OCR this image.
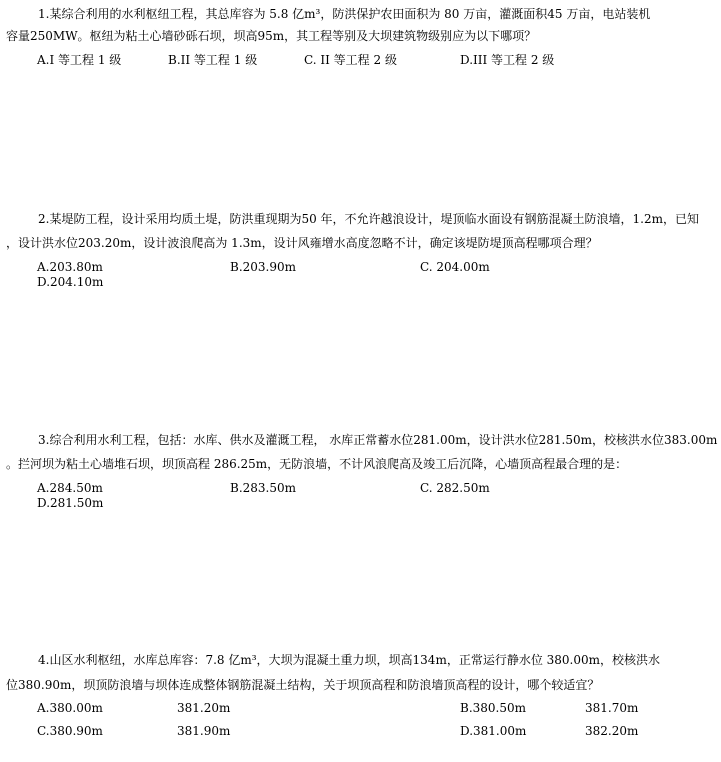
1.某综合利用的水利枢纽工程，其总库容为 5.8 亿m³，防洪保护农田面积为 80 万亩，灌溉面积45 万亩，电站装机
容量250MW。枢纽为粘土心墙砂砾石坝，坝高95m，其工程等别及大坝建筑物级别应为以下哪项？
A.I 等工程 1 级	B.II 等工程 1 级	C. II 等工程 2 级	D.III 等工程 2 级
2.某堤防工程，设计采用均质土堤，防洪重现期为50 年，不允许越浪设计，堤顶临水面设有钢筋混凝土防浪墙，1.2m，已知
，设计洪水位203.20m，设计波浪爬高为 1.3m，设计风雍增水高度忽略不计，确定该堤防堤顶高程哪项合理？
A.203.80m	B.203.90m	C. 204.00m
D.204.10m
3.综合利用水利工程，包括：水库、供水及灌溉工程， 水库正常蓄水位281.00m，设计洪水位281.50m，校核洪水位383.00m
。拦河坝为粘土心墙堆石坝，坝顶高程 286.25m，无防浪墙，不计风浪爬高及竣工后沉降，心墙顶高程最合理的是：
A.284.50m	B.283.50m	C. 282.50m
D.281.50m
4.山区水利枢纽，水库总库容：7.8 亿m³，大坝为混凝土重力坝，坝高134m，正常运行静水位 380.00m，校核洪水
位380.90m，坝顶防浪墙与坝体连成整体钢筋混凝土结构，关于坝顶高程和防浪墙顶高程的设计，哪个较适宜？
A.380.00m	381.20m	B.380.50m	381.70m
C.380.90m	381.90m	D.381.00m	382.20m
